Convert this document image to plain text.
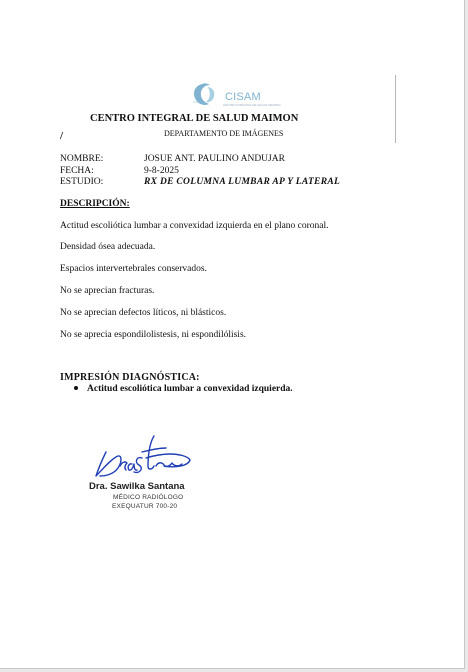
CISAM
CENTRO INTEGRAL DE SALUD MAIMON
CENTRO INTEGRAL DE SALUD MAIMON
/	DEPARTAMENTO DE IMÁGENES
NOMBRE:	JOSUE ANT. PAULINO ANDUJAR
FECHA:	9-8-2025
ESTUDIO:	RX DE COLUMNA LUMBAR AP Y LATERAL
DESCRIPCIÓN:
Actitud escoliótica lumbar a convexidad izquierda en el plano coronal.
Densidad ósea adecuada.
Espacios intervertebrales conservados.
No se aprecian fracturas.
No se aprecian defectos líticos, ni blásticos.
No se aprecia espondilolistesis, ni espondilólisis.
IMPRESIÓN DIAGNÓSTICA:
Actitud escoliótica lumbar a convexidad izquierda.
Dra. Sawilka Santana
MÉDICO RADIÓLOGO
EXEQUATUR 700-20
